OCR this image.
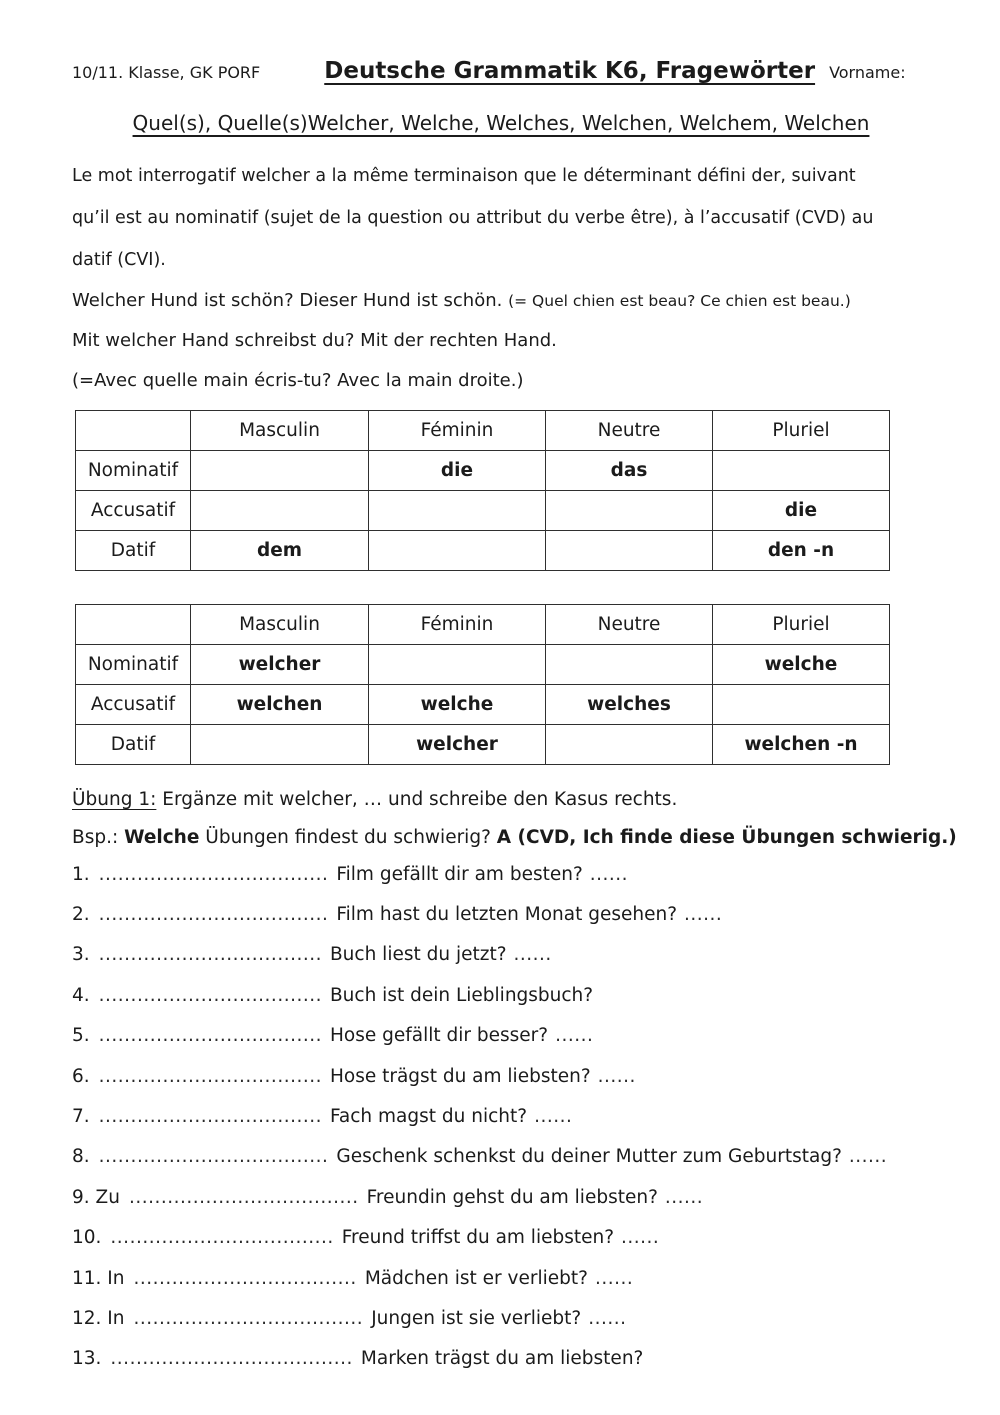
10/11. Klasse, GK PORF	Deutsche Grammatik K6, Fragewörter Vorname:
Quel(s), Quelle(s)Welcher, Welche, Welches, Welchen, Welchem, Welchen
Le mot interrogatif welcher a la même terminaison que le déterminant défini der, suivant
qu’il est au nominatif (sujet de la question ou attribut du verbe être), à l’accusatif (CVD) au
datif (CVI).
Welcher Hund ist schön? Dieser Hund ist schön. (= Quel chien est beau? Ce chien est beau.)
Mit welcher Hand schreibst du? Mit der rechten Hand.
(=Avec quelle main écris-tu? Avec la main droite.)
	Masculin	Féminin	Neutre	Pluriel
Nominatif		die	das	
Accusatif				die
Datif	dem			den -n
	Masculin	Féminin	Neutre	Pluriel
Nominatif	welcher			welche
Accusatif	welchen	welche	welches	
Datif		welcher		welchen -n
Übung 1: Ergänze mit welcher, … und schreibe den Kasus rechts.
Bsp.: Welche Übungen findest du schwierig? A (CVD, Ich finde diese Übungen schwierig.)
1. .................................... Film gefällt dir am besten? ......
2. .................................... Film hast du letzten Monat gesehen? ......
3. ................................... Buch liest du jetzt? ......
4. ................................... Buch ist dein Lieblingsbuch?
5. ................................... Hose gefällt dir besser? ......
6. ................................... Hose trägst du am liebsten? ......
7. ................................... Fach magst du nicht? ......
8. .................................... Geschenk schenkst du deiner Mutter zum Geburtstag? ......
9. Zu .................................... Freundin gehst du am liebsten? ......
10. ................................... Freund triffst du am liebsten? ......
11. In ................................... Mädchen ist er verliebt? ......
12. In .................................... Jungen ist sie verliebt? ......
13. ...................................... Marken trägst du am liebsten?
